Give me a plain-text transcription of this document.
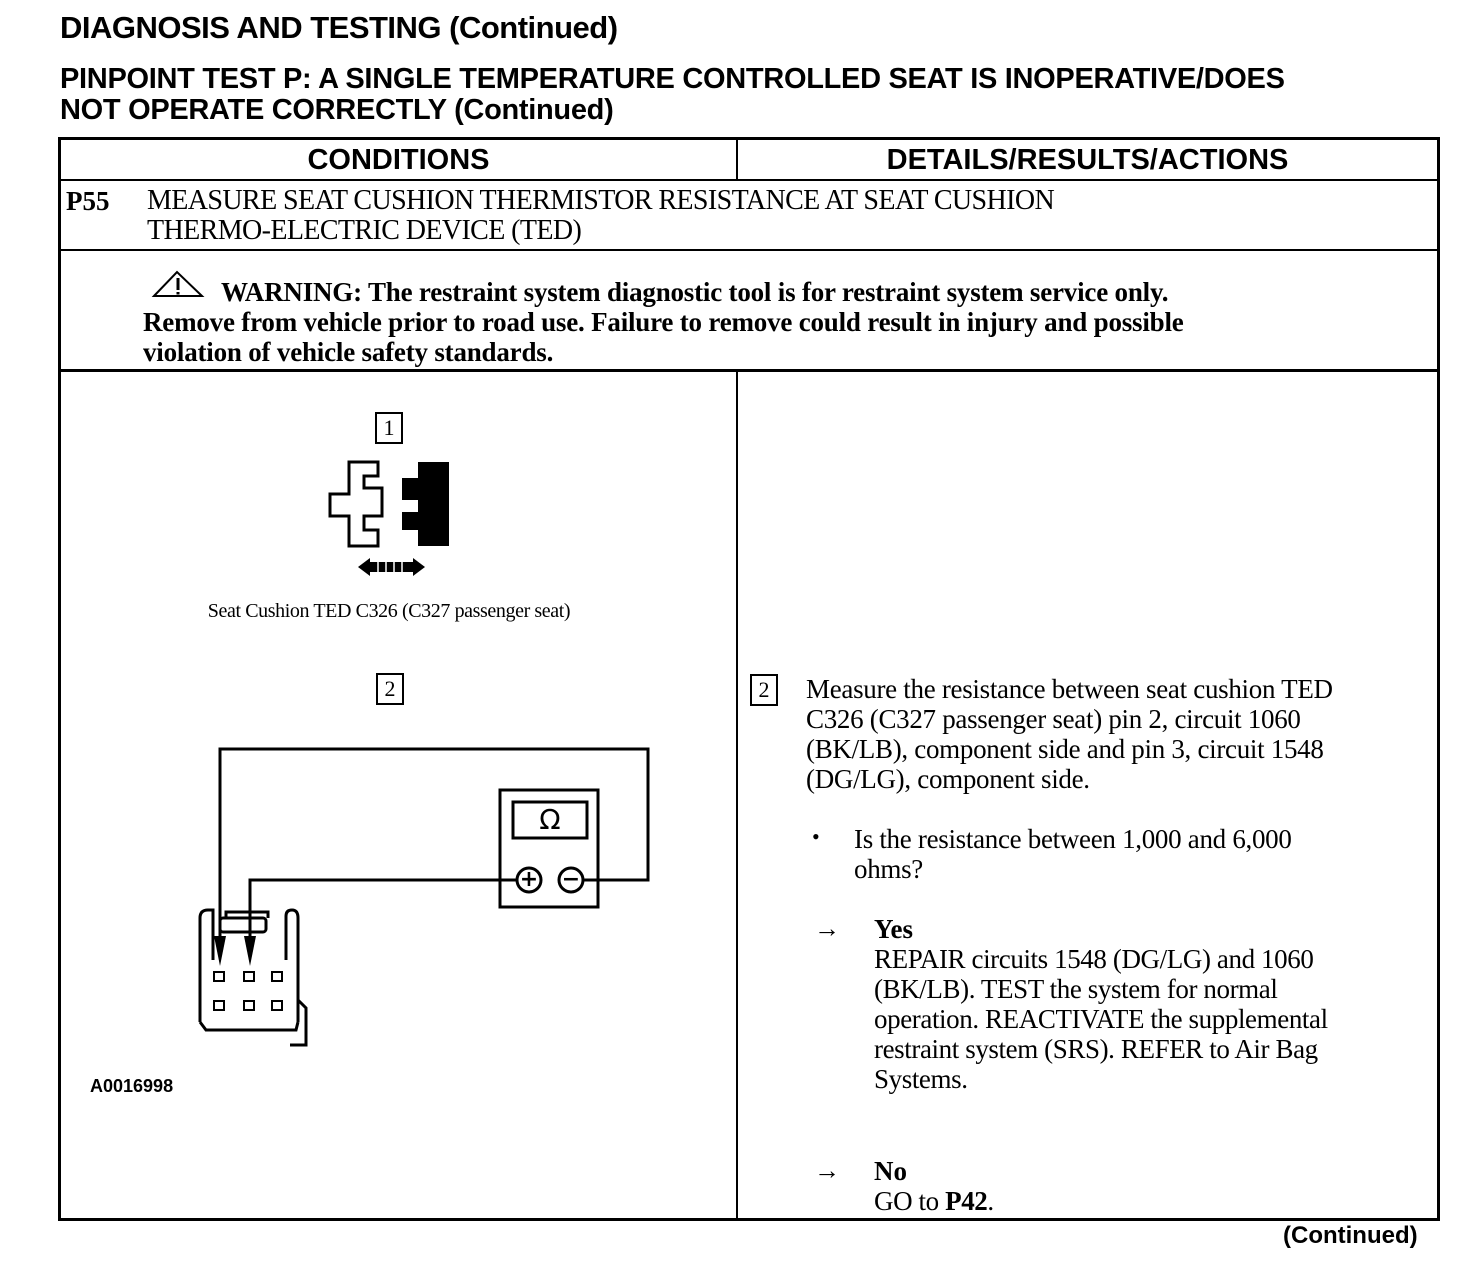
DIAGNOSIS AND TESTING (Continued)
PINPOINT TEST P: A SINGLE TEMPERATURE CONTROLLED SEAT IS INOPERATIVE/DOES
NOT OPERATE CORRECTLY (Continued)
CONDITIONS	DETAILS/RESULTS/ACTIONS
P55 MEASURE SEAT CUSHION THERMISTOR RESISTANCE AT SEAT CUSHION
THERMO-ELECTRIC DEVICE (TED)
WARNING: The restraint system diagnostic tool is for restraint system service only.
Remove from vehicle prior to road use. Failure to remove could result in injury and possible
violation of vehicle safety standards.
1
Seat Cushion TED C326 (C327 passenger seat)
2
Ω
+ −
A0016998
2	Measure the resistance between seat cushion TED
C326 (C327 passenger seat) pin 2, circuit 1060
(BK/LB), component side and pin 3, circuit 1548
(DG/LG), component side.
• Is the resistance between 1,000 and 6,000
ohms?
→ Yes
REPAIR circuits 1548 (DG/LG) and 1060
(BK/LB). TEST the system for normal
operation. REACTIVATE the supplemental
restraint system (SRS). REFER to Air Bag
Systems.
→ No
GO to P42.
(Continued)
